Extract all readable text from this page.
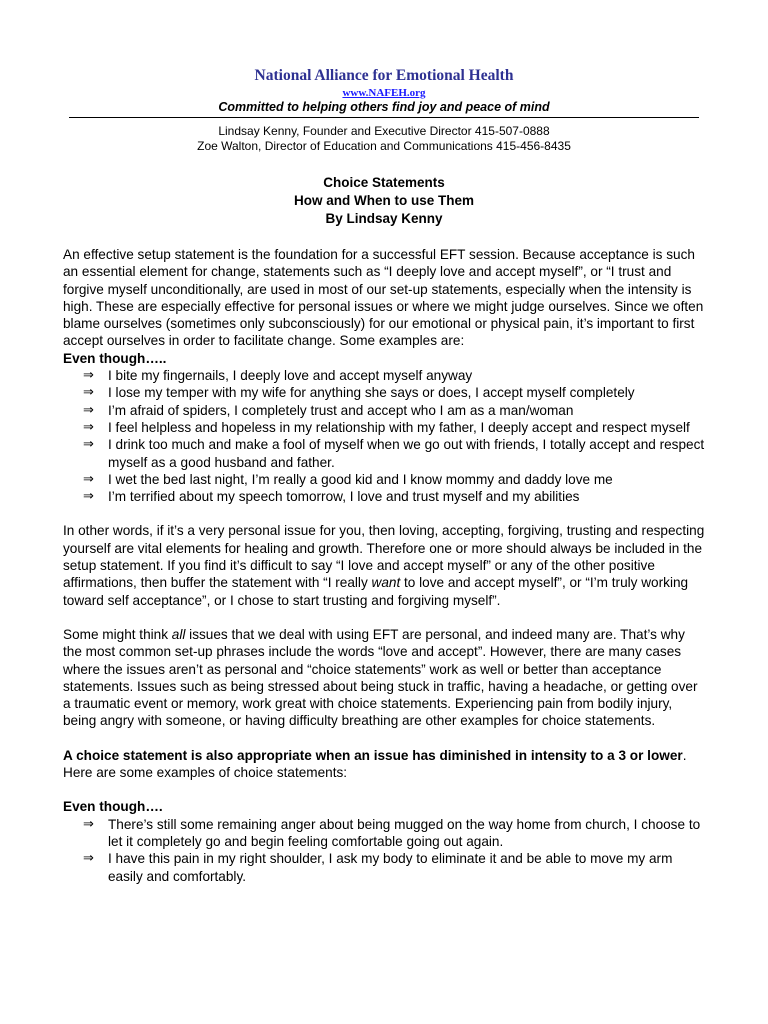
National Alliance for Emotional Health
www.NAFEH.org
Committed to helping others find joy and peace of mind
Lindsay Kenny, Founder and Executive Director 415-507-0888
Zoe Walton, Director of Education and Communications 415-456-8435
Choice Statements
How and When to use Them
By Lindsay Kenny

An effective setup statement is the foundation for a successful EFT session. Because acceptance is such an essential element for change, statements such as “I deeply love and accept myself”, or “I trust and forgive myself unconditionally, are used in most of our set-up statements, especially when the intensity is high. These are especially effective for personal issues or where we might judge ourselves. Since we often blame ourselves (sometimes only subconsciously) for our emotional or physical pain, it’s important to first accept ourselves in order to facilitate change. Some examples are:

Even though…..
⇒ I bite my fingernails, I deeply love and accept myself anyway
⇒ I lose my temper with my wife for anything she says or does, I accept myself completely
⇒ I’m afraid of spiders, I completely trust and accept who I am as a man/woman
⇒ I feel helpless and hopeless in my relationship with my father, I deeply accept and respect myself
⇒ I drink too much and make a fool of myself when we go out with friends, I totally accept and respect myself as a good husband and father.
⇒ I wet the bed last night, I’m really a good kid and I know mommy and daddy love me
⇒ I’m terrified about my speech tomorrow, I love and trust myself and my abilities

In other words, if it’s a very personal issue for you, then loving, accepting, forgiving, trusting and respecting yourself are vital elements for healing and growth. Therefore one or more should always be included in the setup statement. If you find it’s difficult to say “I love and accept myself” or any of the other positive affirmations, then buffer the statement with “I really want to love and accept myself”, or “I’m truly working toward self acceptance”, or I chose to start trusting and forgiving myself”.

Some might think all issues that we deal with using EFT are personal, and indeed many are. That’s why the most common set-up phrases include the words “love and accept”. However, there are many cases where the issues aren’t as personal and “choice statements” work as well or better than acceptance statements. Issues such as being stressed about being stuck in traffic, having a headache, or getting over a traumatic event or memory, work great with choice statements. Experiencing pain from bodily injury, being angry with someone, or having difficulty breathing are other examples for choice statements.

A choice statement is also appropriate when an issue has diminished in intensity to a 3 or lower. Here are some examples of choice statements:

Even though….
⇒ There’s still some remaining anger about being mugged on the way home from church, I choose to let it completely go and begin feeling comfortable going out again.
⇒ I have this pain in my right shoulder, I ask my body to eliminate it and be able to move my arm easily and comfortably.
